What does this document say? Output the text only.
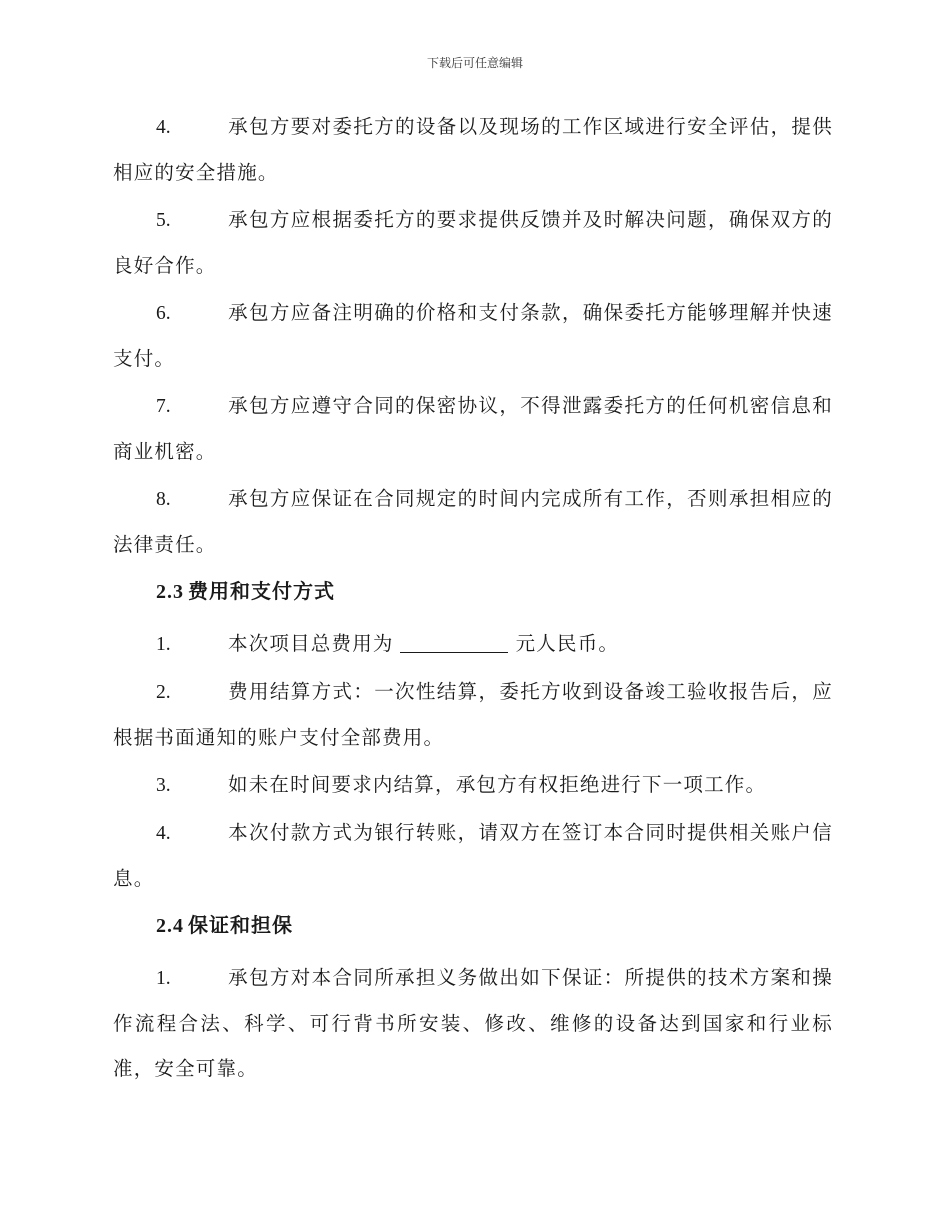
下载后可任意编辑

4.	承包方要对委托方的设备以及现场的工作区域进行安全评估，提供相应的安全措施。

5.	承包方应根据委托方的要求提供反馈并及时解决问题，确保双方的良好合作。

6.	承包方应备注明确的价格和支付条款，确保委托方能够理解并快速支付。

7.	承包方应遵守合同的保密协议，不得泄露委托方的任何机密信息和商业机密。

8.	承包方应保证在合同规定的时间内完成所有工作，否则承担相应的法律责任。

2.3 费用和支付方式

1.	本次项目总费用为	元人民币。

2.	费用结算方式：一次性结算，委托方收到设备竣工验收报告后，应根据书面通知的账户支付全部费用。

3.	如未在时间要求内结算，承包方有权拒绝进行下一项工作。

4.	本次付款方式为银行转账，请双方在签订本合同时提供相关账户信息。

2.4 保证和担保

1.	承包方对本合同所承担义务做出如下保证：所提供的技术方案和操作流程合法、科学、可行背书所安装、修改、维修的设备达到国家和行业标准，安全可靠。
